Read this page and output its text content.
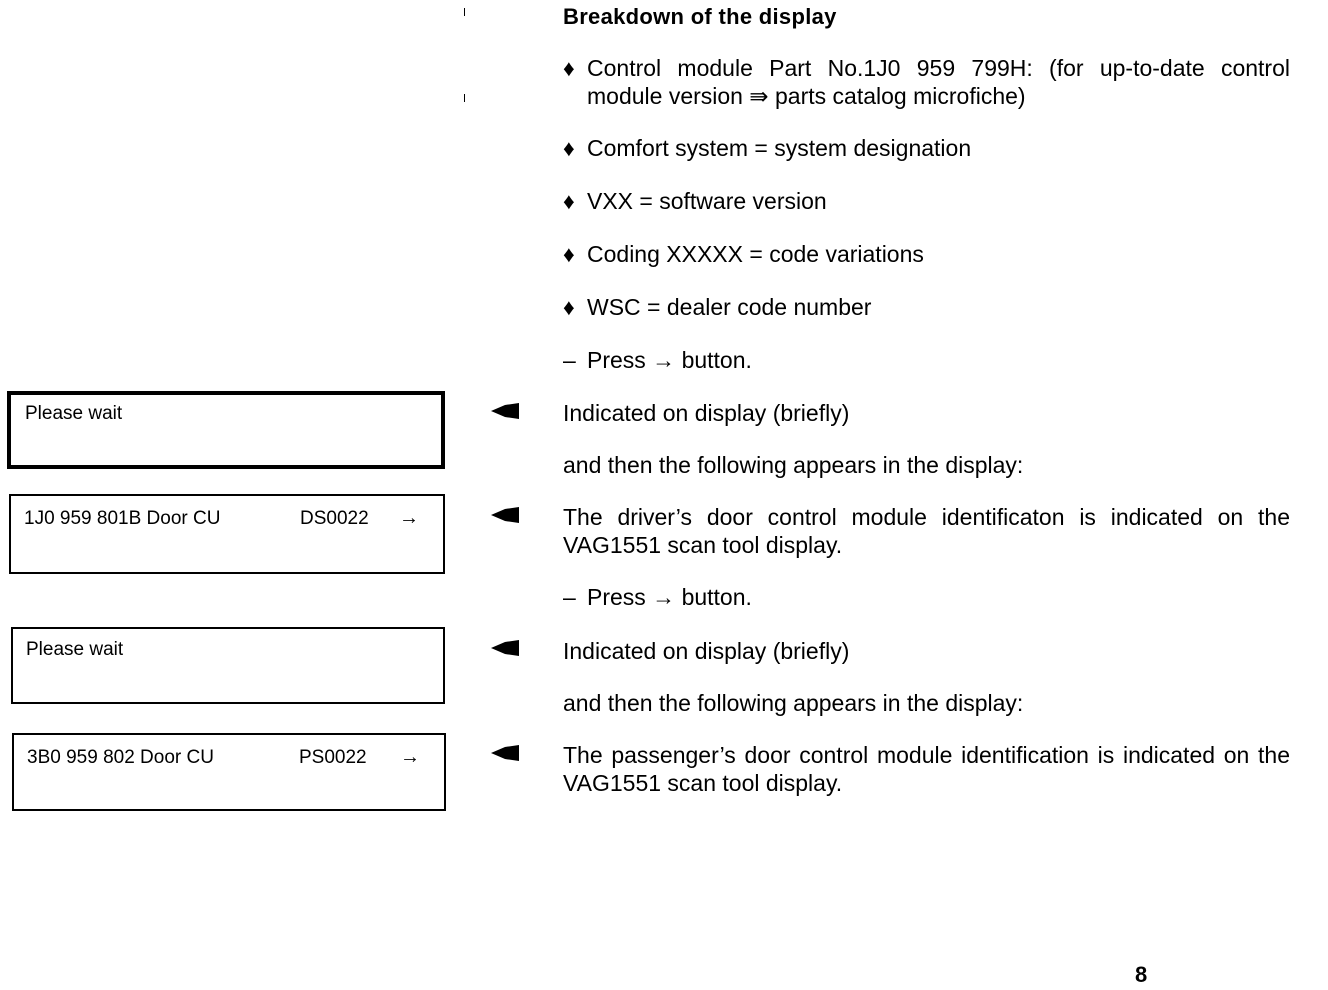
Breakdown of the display
♦ Control module Part No.1J0 959 799H: (for up-to-date control module version ⇛ parts catalog microfiche)
♦ Comfort system = system designation
♦ VXX = software version
♦ Coding XXXXX = code variations
♦ WSC = dealer code number
– Press → button.
Please wait	Indicated on display (briefly)
and then the following appears in the display:
1J0 959 801B Door CU	DS0022 →	The driver’s door control module identificaton is indicated on the VAG1551 scan tool display.
– Press → button.
Please wait	Indicated on display (briefly)
and then the following appears in the display:
3B0 959 802 Door CU	PS0022 →	The passenger’s door control module identification is indicated on the VAG1551 scan tool display.
8
